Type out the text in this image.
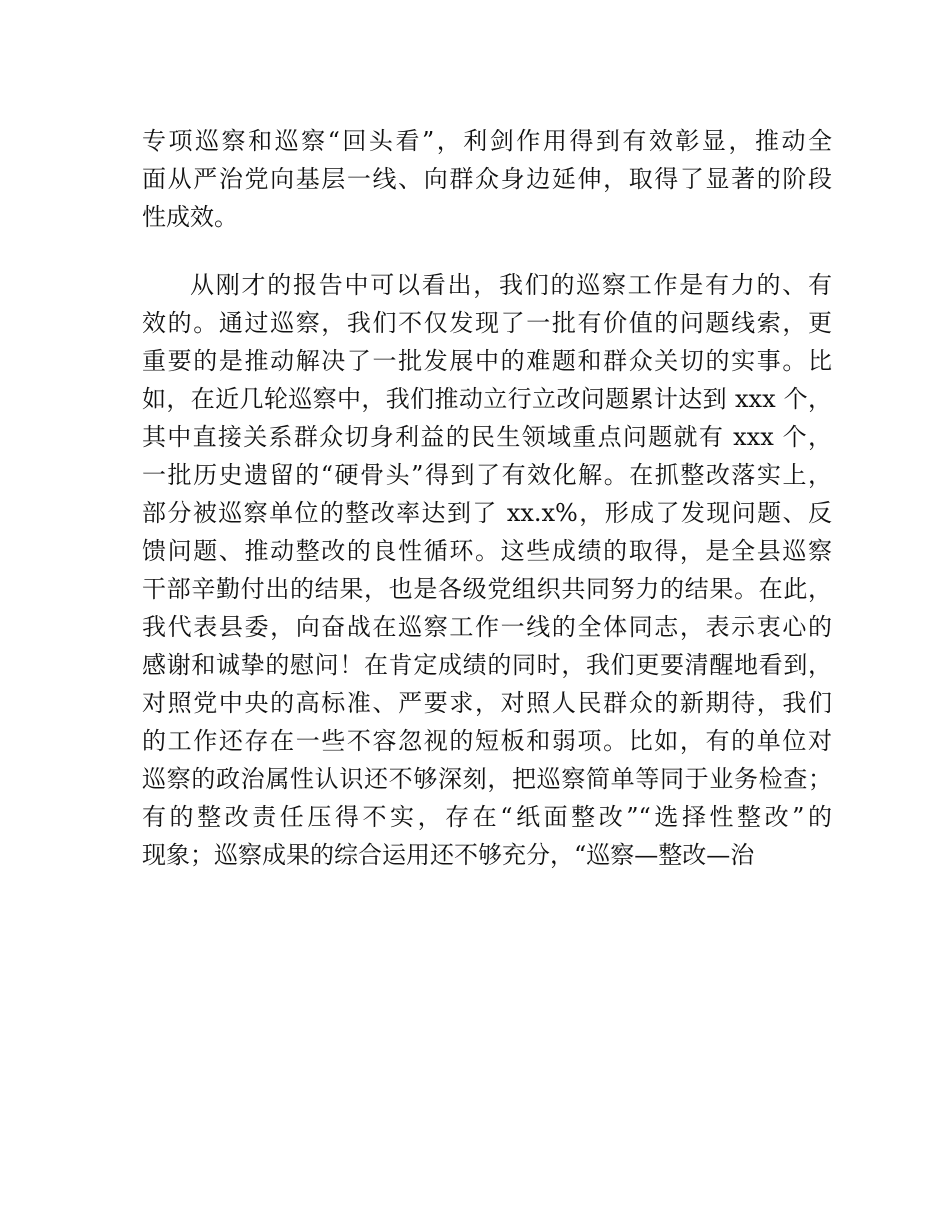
专项巡察和巡察“回头看”，利剑作用得到有效彰显，推动全
面从严治党向基层一线、向群众身边延伸，取得了显著的阶段
性成效。
从刚才的报告中可以看出，我们的巡察工作是有力的、有
效的。通过巡察，我们不仅发现了一批有价值的问题线索，更
重要的是推动解决了一批发展中的难题和群众关切的实事。比
如，在近几轮巡察中，我们推动立行立改问题累计达到 xxx 个，
其中直接关系群众切身利益的民生领域重点问题就有 xxx 个，
一批历史遗留的“硬骨头”得到了有效化解。在抓整改落实上，
部分被巡察单位的整改率达到了 xx.x%，形成了发现问题、反
馈问题、推动整改的良性循环。这些成绩的取得，是全县巡察
干部辛勤付出的结果，也是各级党组织共同努力的结果。在此，
我代表县委，向奋战在巡察工作一线的全体同志，表示衷心的
感谢和诚挚的慰问！在肯定成绩的同时，我们更要清醒地看到，
对照党中央的高标准、严要求，对照人民群众的新期待，我们
的工作还存在一些不容忽视的短板和弱项。比如，有的单位对
巡察的政治属性认识还不够深刻，把巡察简单等同于业务检查；
有的整改责任压得不实，存在“纸面整改”“选择性整改”的
现象；巡察成果的综合运用还不够充分，“巡察—整改—治
